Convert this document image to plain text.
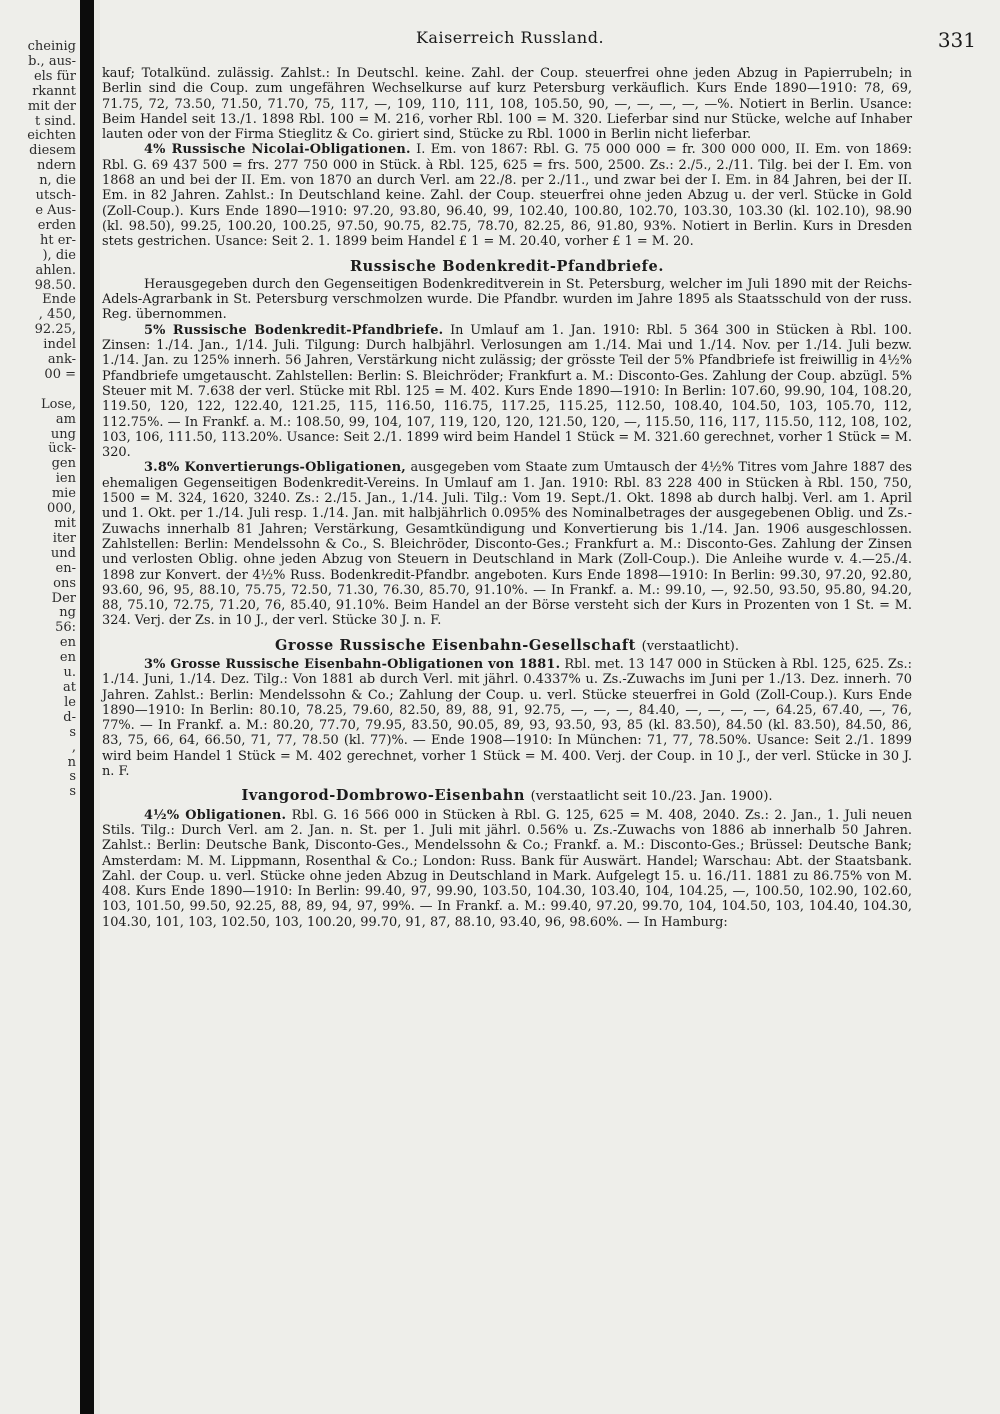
cheinig
b., aus-
els für
rkannt
mit der
t sind.
eichten
diesem
ndern
n, die
utsch-
e Aus-
erden
ht er-
), die
ahlen.
98.50.
Ende
, 450,
92.25,
indel
ank-
00 =

Lose,
am
ung
ück-
gen
ien
mie
000,
mit
iter
und
en-
ons
Der
ng
56:
en
en
u.
at
le
d-
s
,
n
s
s
Kaiserreich Russland.	331

kauf; Totalkünd. zulässig. Zahlst.: In Deutschl. keine. Zahl. der Coup. steuerfrei ohne jeden Abzug in Papierrubeln; in Berlin sind die Coup. zum ungefähren Wechselkurse auf kurz Petersburg verkäuflich. Kurs Ende 1890—1910: 78, 69, 71.75, 72, 73.50, 71.50, 71.70, 75, 117, —, 109, 110, 111, 108, 105.50, 90, —, —, —, —, —%. Notiert in Berlin. Usance: Beim Handel seit 13./1. 1898 Rbl. 100 = M. 216, vorher Rbl. 100 = M. 320. Lieferbar sind nur Stücke, welche auf Inhaber lauten oder von der Firma Stieglitz & Co. giriert sind, Stücke zu Rbl. 1000 in Berlin nicht lieferbar.

4% Russische Nicolai-Obligationen. I. Em. von 1867: Rbl. G. 75 000 000 = fr. 300 000 000, II. Em. von 1869: Rbl. G. 69 437 500 = frs. 277 750 000 in Stück. à Rbl. 125, 625 = frs. 500, 2500. Zs.: 2./5., 2./11. Tilg. bei der I. Em. von 1868 an und bei der II. Em. von 1870 an durch Verl. am 22./8. per 2./11., und zwar bei der I. Em. in 84 Jahren, bei der II. Em. in 82 Jahren. Zahlst.: In Deutschland keine. Zahl. der Coup. steuerfrei ohne jeden Abzug u. der verl. Stücke in Gold (Zoll-Coup.). Kurs Ende 1890—1910: 97.20, 93.80, 96.40, 99, 102.40, 100.80, 102.70, 103.30, 103.30 (kl. 102.10), 98.90 (kl. 98.50), 99.25, 100.20, 100.25, 97.50, 90.75, 82.75, 78.70, 82.25, 86, 91.80, 93%. Notiert in Berlin. Kurs in Dresden stets gestrichen. Usance: Seit 2. 1. 1899 beim Handel £ 1 = M. 20.40, vorher £ 1 = M. 20.

Russische Bodenkredit-Pfandbriefe.

Herausgegeben durch den Gegenseitigen Bodenkreditverein in St. Petersburg, welcher im Juli 1890 mit der Reichs-Adels-Agrarbank in St. Petersburg verschmolzen wurde. Die Pfandbr. wurden im Jahre 1895 als Staatsschuld von der russ. Reg. übernommen.

5% Russische Bodenkredit-Pfandbriefe. In Umlauf am 1. Jan. 1910: Rbl. 5 364 300 in Stücken à Rbl. 100. Zinsen: 1./14. Jan., 1/14. Juli. Tilgung: Durch halbjährl. Verlosungen am 1./14. Mai und 1./14. Nov. per 1./14. Juli bezw. 1./14. Jan. zu 125% innerh. 56 Jahren, Verstärkung nicht zulässig; der grösste Teil der 5% Pfandbriefe ist freiwillig in 4½% Pfandbriefe umgetauscht. Zahlstellen: Berlin: S. Bleichröder; Frankfurt a. M.: Disconto-Ges. Zahlung der Coup. abzügl. 5% Steuer mit M. 7.638 der verl. Stücke mit Rbl. 125 = M. 402. Kurs Ende 1890—1910: In Berlin: 107.60, 99.90, 104, 108.20, 119.50, 120, 122, 122.40, 121.25, 115, 116.50, 116.75, 117.25, 115.25, 112.50, 108.40, 104.50, 103, 105.70, 112, 112.75%. — In Frankf. a. M.: 108.50, 99, 104, 107, 119, 120, 120, 121.50, 120, —, 115.50, 116, 117, 115.50, 112, 108, 102, 103, 106, 111.50, 113.20%. Usance: Seit 2./1. 1899 wird beim Handel 1 Stück = M. 321.60 gerechnet, vorher 1 Stück = M. 320.

3.8% Konvertierungs-Obligationen, ausgegeben vom Staate zum Umtausch der 4½% Titres vom Jahre 1887 des ehemaligen Gegenseitigen Bodenkredit-Vereins. In Umlauf am 1. Jan. 1910: Rbl. 83 228 400 in Stücken à Rbl. 150, 750, 1500 = M. 324, 1620, 3240. Zs.: 2./15. Jan., 1./14. Juli. Tilg.: Vom 19. Sept./1. Okt. 1898 ab durch halbj. Verl. am 1. April und 1. Okt. per 1./14. Juli resp. 1./14. Jan. mit halbjährlich 0.095% des Nominalbetrages der ausgegebenen Oblig. und Zs.-Zuwachs innerhalb 81 Jahren; Verstärkung, Gesamtkündigung und Konvertierung bis 1./14. Jan. 1906 ausgeschlossen. Zahlstellen: Berlin: Mendelssohn & Co., S. Bleichröder, Disconto-Ges.; Frankfurt a. M.: Disconto-Ges. Zahlung der Zinsen und verlosten Oblig. ohne jeden Abzug von Steuern in Deutschland in Mark (Zoll-Coup.). Die Anleihe wurde v. 4.—25./4. 1898 zur Konvert. der 4½% Russ. Bodenkredit-Pfandbr. angeboten. Kurs Ende 1898—1910: In Berlin: 99.30, 97.20, 92.80, 93.60, 96, 95, 88.10, 75.75, 72.50, 71.30, 76.30, 85.70, 91.10%. — In Frankf. a. M.: 99.10, —, 92.50, 93.50, 95.80, 94.20, 88, 75.10, 72.75, 71.20, 76, 85.40, 91.10%. Beim Handel an der Börse versteht sich der Kurs in Prozenten von 1 St. = M. 324. Verj. der Zs. in 10 J., der verl. Stücke 30 J. n. F.

Grosse Russische Eisenbahn-Gesellschaft (verstaatlicht).

3% Grosse Russische Eisenbahn-Obligationen von 1881. Rbl. met. 13 147 000 in Stücken à Rbl. 125, 625. Zs.: 1./14. Juni, 1./14. Dez. Tilg.: Von 1881 ab durch Verl. mit jährl. 0.4337% u. Zs.-Zuwachs im Juni per 1./13. Dez. innerh. 70 Jahren. Zahlst.: Berlin: Mendelssohn & Co.; Zahlung der Coup. u. verl. Stücke steuerfrei in Gold (Zoll-Coup.). Kurs Ende 1890—1910: In Berlin: 80.10, 78.25, 79.60, 82.50, 89, 88, 91, 92.75, —, —, —, 84.40, —, —, —, —, 64.25, 67.40, —, 76, 77%. — In Frankf. a. M.: 80.20, 77.70, 79.95, 83.50, 90.05, 89, 93, 93.50, 93, 85 (kl. 83.50), 84.50 (kl. 83.50), 84.50, 86, 83, 75, 66, 64, 66.50, 71, 77, 78.50 (kl. 77)%. — Ende 1908—1910: In München: 71, 77, 78.50%. Usance: Seit 2./1. 1899 wird beim Handel 1 Stück = M. 402 gerechnet, vorher 1 Stück = M. 400. Verj. der Coup. in 10 J., der verl. Stücke in 30 J. n. F.

Ivangorod-Dombrowo-Eisenbahn (verstaatlicht seit 10./23. Jan. 1900).

4½% Obligationen. Rbl. G. 16 566 000 in Stücken à Rbl. G. 125, 625 = M. 408, 2040. Zs.: 2. Jan., 1. Juli neuen Stils. Tilg.: Durch Verl. am 2. Jan. n. St. per 1. Juli mit jährl. 0.56% u. Zs.-Zuwachs von 1886 ab innerhalb 50 Jahren. Zahlst.: Berlin: Deutsche Bank, Disconto-Ges., Mendelssohn & Co.; Frankf. a. M.: Disconto-Ges.; Brüssel: Deutsche Bank; Amsterdam: M. M. Lippmann, Rosenthal & Co.; London: Russ. Bank für Auswärt. Handel; Warschau: Abt. der Staatsbank. Zahl. der Coup. u. verl. Stücke ohne jeden Abzug in Deutschland in Mark. Aufgelegt 15. u. 16./11. 1881 zu 86.75% von M. 408. Kurs Ende 1890—1910: In Berlin: 99.40, 97, 99.90, 103.50, 104.30, 103.40, 104, 104.25, —, 100.50, 102.90, 102.60, 103, 101.50, 99.50, 92.25, 88, 89, 94, 97, 99%. — In Frankf. a. M.: 99.40, 97.20, 99.70, 104, 104.50, 103, 104.40, 104.30, 104.30, 101, 103, 102.50, 103, 100.20, 99.70, 91, 87, 88.10, 93.40, 96, 98.60%. — In Hamburg:
